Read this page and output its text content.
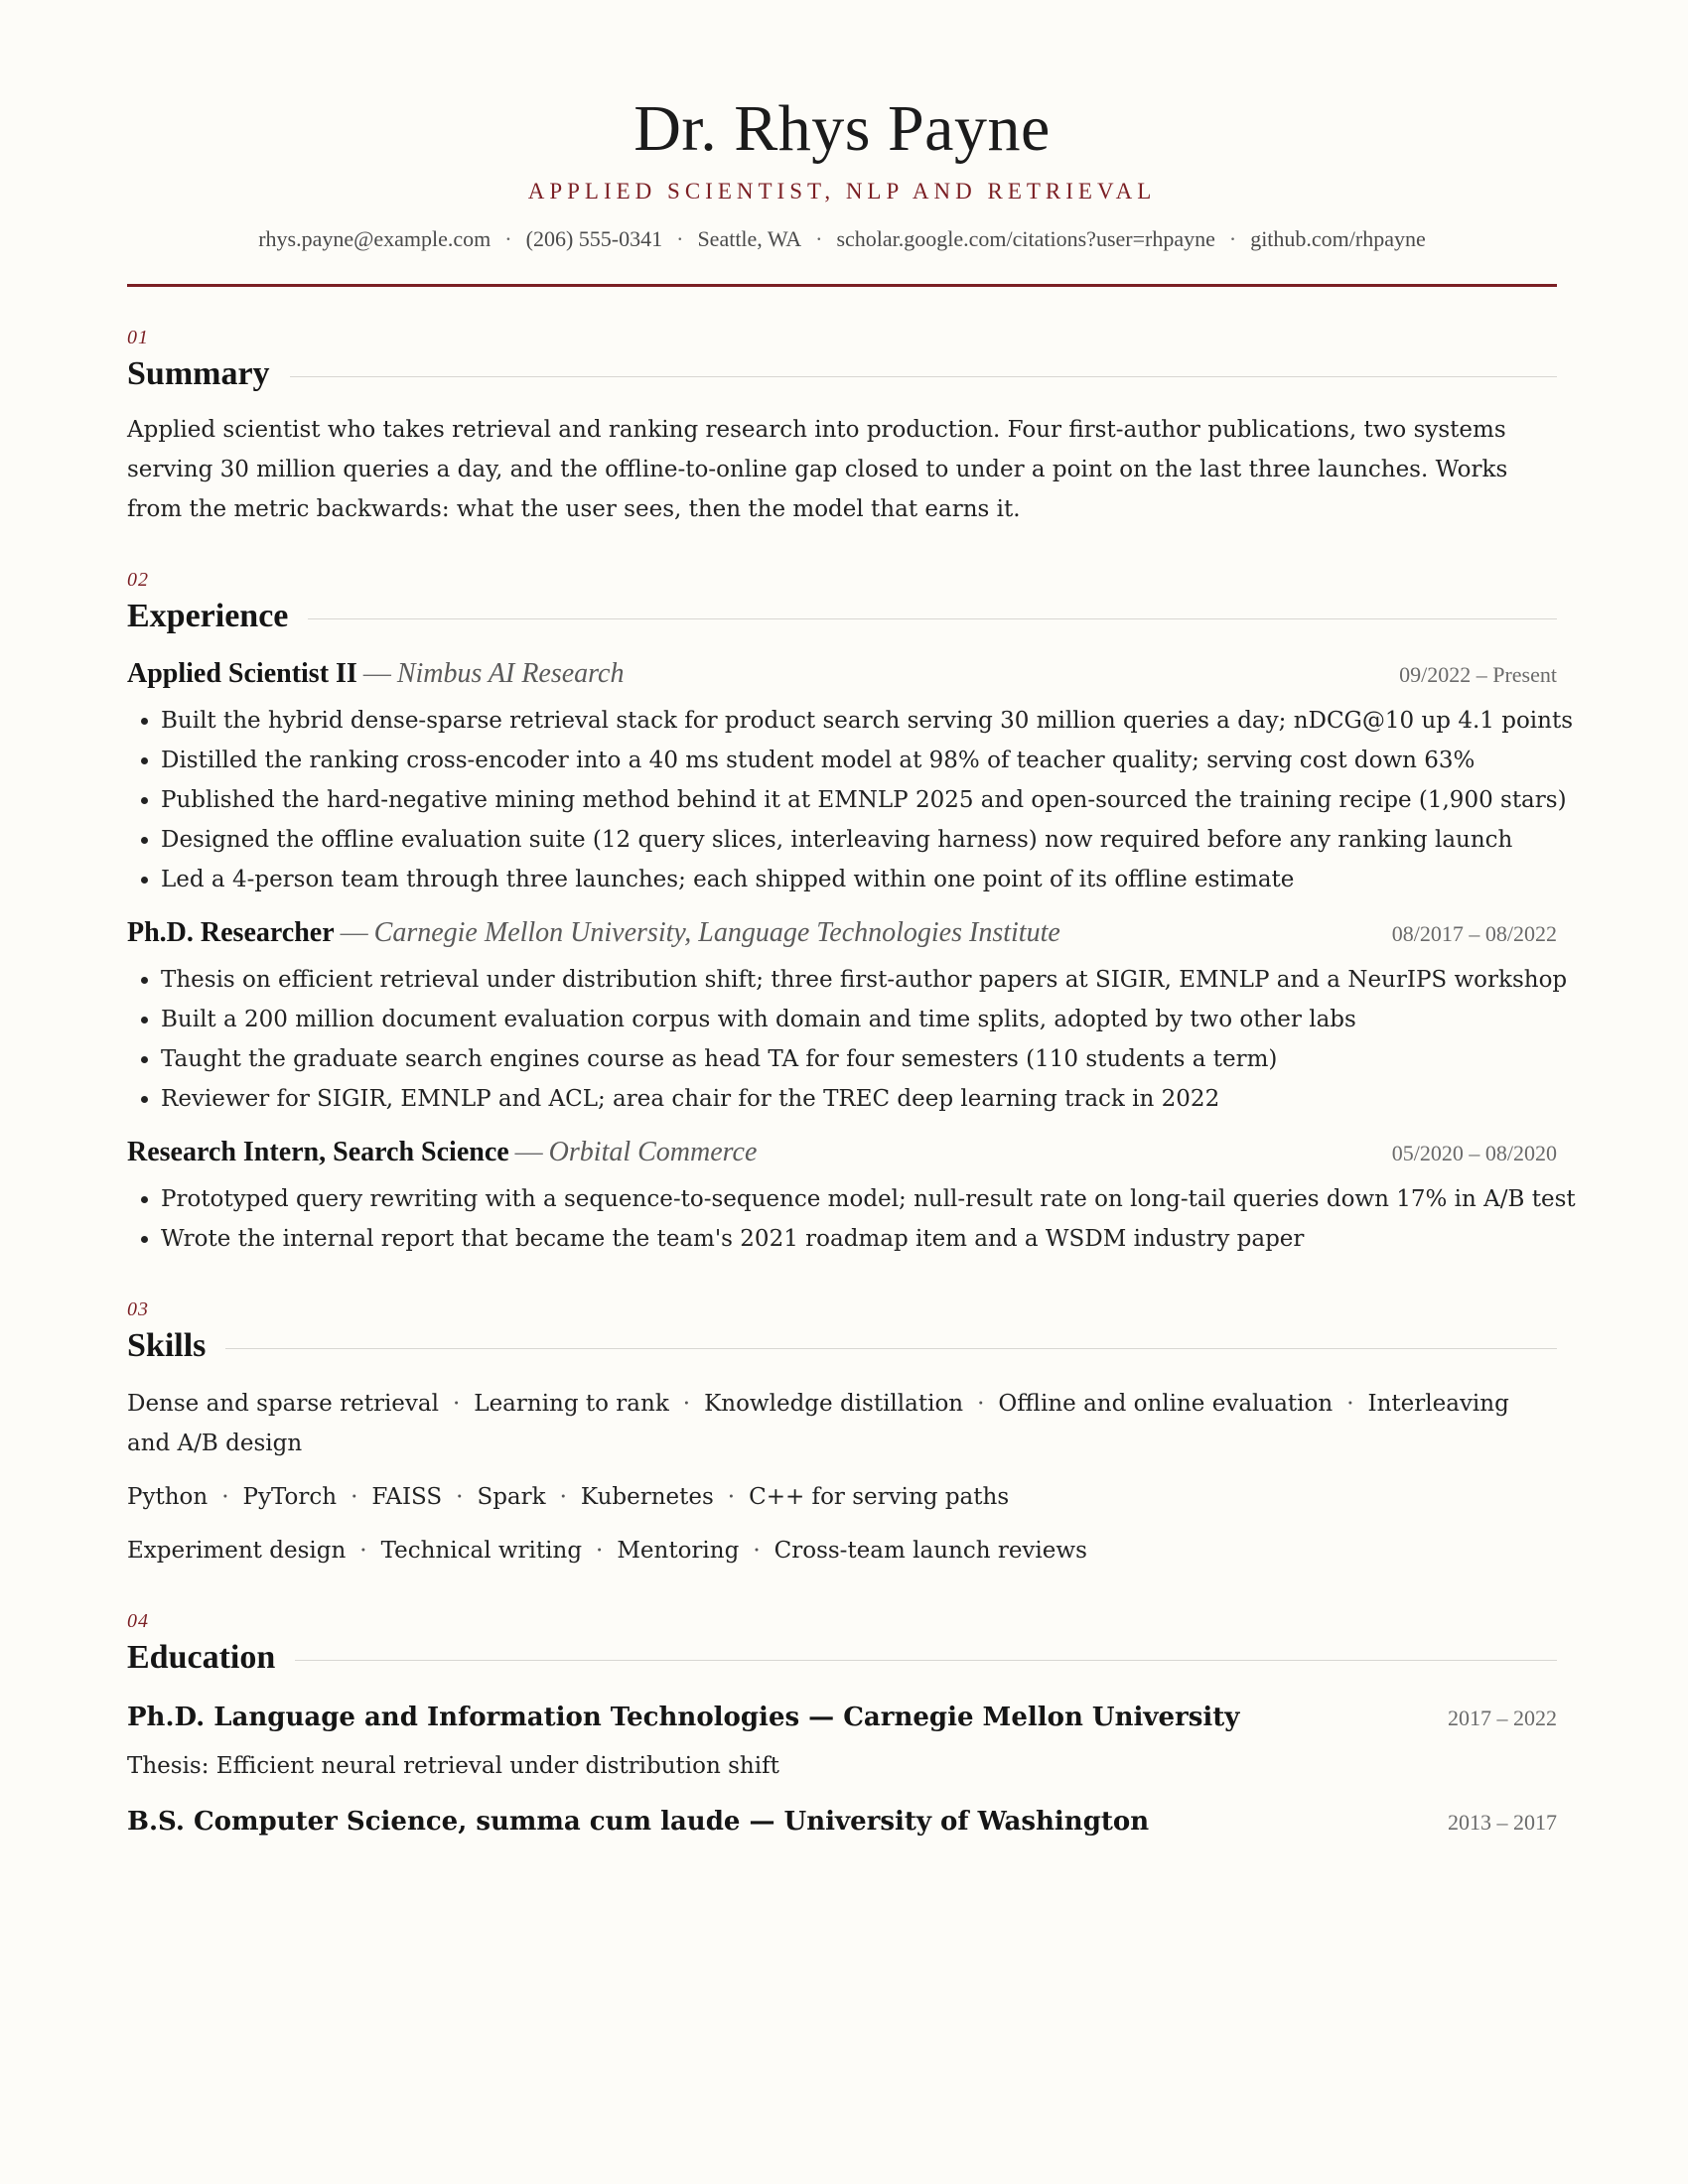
Dr. Rhys Payne
APPLIED SCIENTIST, NLP AND RETRIEVAL
rhys.payne@example.com · (206) 555-0341 · Seattle, WA · scholar.google.com/citations?user=rhpayne · github.com/rhpayne
01
Summary
Applied scientist who takes retrieval and ranking research into production. Four first-author publications, two systems serving 30 million queries a day, and the offline-to-online gap closed to under a point on the last three launches. Works from the metric backwards: what the user sees, then the model that earns it.
02
Experience
Applied Scientist II — Nimbus AI Research	09/2022 – Present
• Built the hybrid dense-sparse retrieval stack for product search serving 30 million queries a day; nDCG@10 up 4.1 points
• Distilled the ranking cross-encoder into a 40 ms student model at 98% of teacher quality; serving cost down 63%
• Published the hard-negative mining method behind it at EMNLP 2025 and open-sourced the training recipe (1,900 stars)
• Designed the offline evaluation suite (12 query slices, interleaving harness) now required before any ranking launch
• Led a 4-person team through three launches; each shipped within one point of its offline estimate
Ph.D. Researcher — Carnegie Mellon University, Language Technologies Institute	08/2017 – 08/2022
• Thesis on efficient retrieval under distribution shift; three first-author papers at SIGIR, EMNLP and a NeurIPS workshop
• Built a 200 million document evaluation corpus with domain and time splits, adopted by two other labs
• Taught the graduate search engines course as head TA for four semesters (110 students a term)
• Reviewer for SIGIR, EMNLP and ACL; area chair for the TREC deep learning track in 2022
Research Intern, Search Science — Orbital Commerce	05/2020 – 08/2020
• Prototyped query rewriting with a sequence-to-sequence model; null-result rate on long-tail queries down 17% in A/B test
• Wrote the internal report that became the team's 2021 roadmap item and a WSDM industry paper
03
Skills
Dense and sparse retrieval · Learning to rank · Knowledge distillation · Offline and online evaluation · Interleaving and A/B design
Python · PyTorch · FAISS · Spark · Kubernetes · C++ for serving paths
Experiment design · Technical writing · Mentoring · Cross-team launch reviews
04
Education
Ph.D. Language and Information Technologies — Carnegie Mellon University	2017 – 2022
Thesis: Efficient neural retrieval under distribution shift
B.S. Computer Science, summa cum laude — University of Washington	2013 – 2017
